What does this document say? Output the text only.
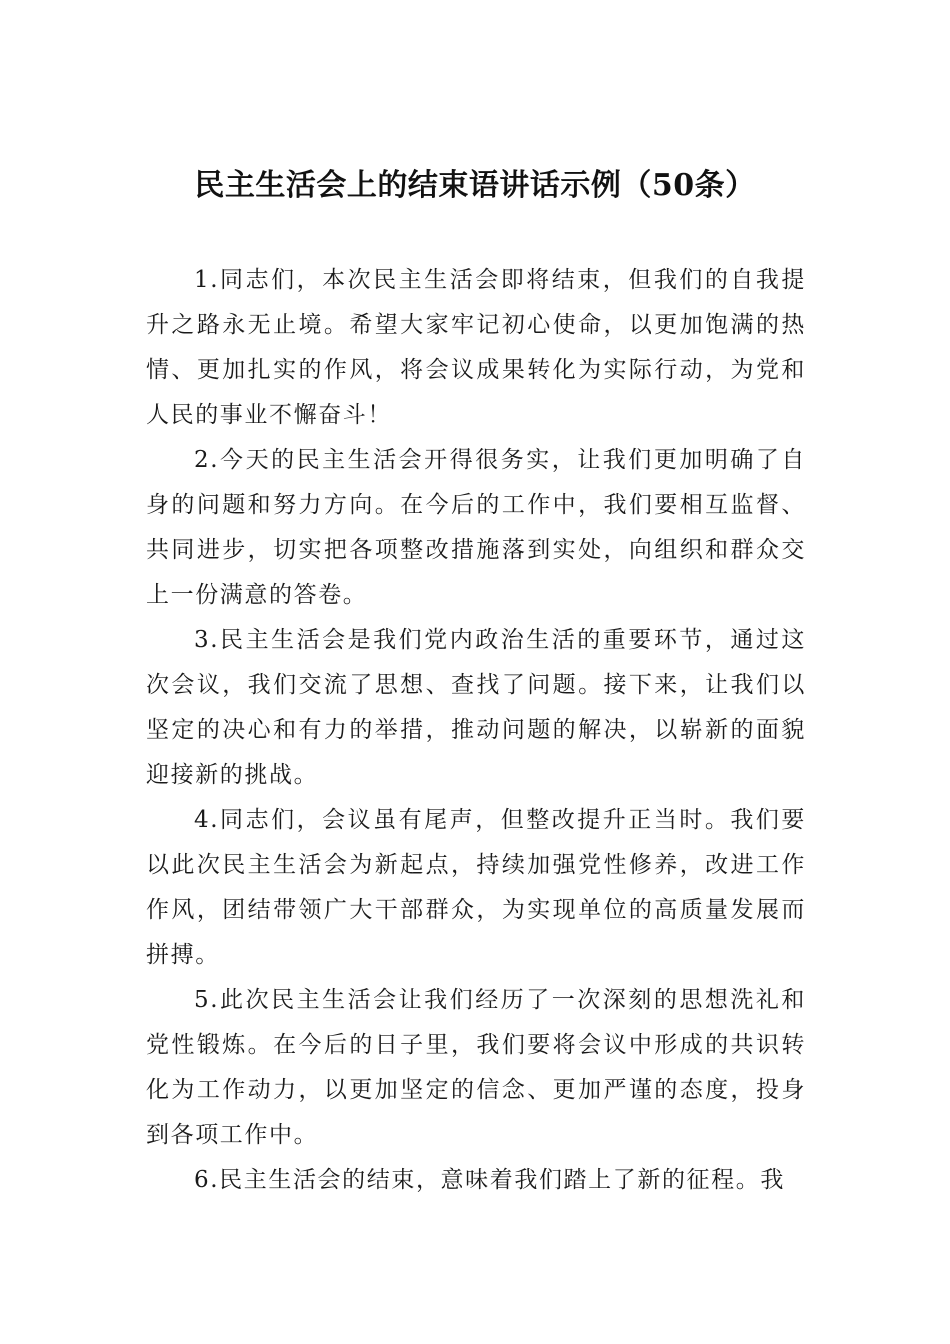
民主生活会上的结束语讲话示例（50条）

1.同志们，本次民主生活会即将结束，但我们的自我提升之路永无止境。希望大家牢记初心使命，以更加饱满的热情、更加扎实的作风，将会议成果转化为实际行动，为党和人民的事业不懈奋斗！

2.今天的民主生活会开得很务实，让我们更加明确了自身的问题和努力方向。在今后的工作中，我们要相互监督、共同进步，切实把各项整改措施落到实处，向组织和群众交上一份满意的答卷。

3.民主生活会是我们党内政治生活的重要环节，通过这次会议，我们交流了思想、查找了问题。接下来，让我们以坚定的决心和有力的举措，推动问题的解决，以崭新的面貌迎接新的挑战。

4.同志们，会议虽有尾声，但整改提升正当时。我们要以此次民主生活会为新起点，持续加强党性修养，改进工作作风，团结带领广大干部群众，为实现单位的高质量发展而拼搏。

5.此次民主生活会让我们经历了一次深刻的思想洗礼和党性锻炼。在今后的日子里，我们要将会议中形成的共识转化为工作动力，以更加坚定的信念、更加严谨的态度，投身到各项工作中。

6.民主生活会的结束，意味着我们踏上了新的征程。我
